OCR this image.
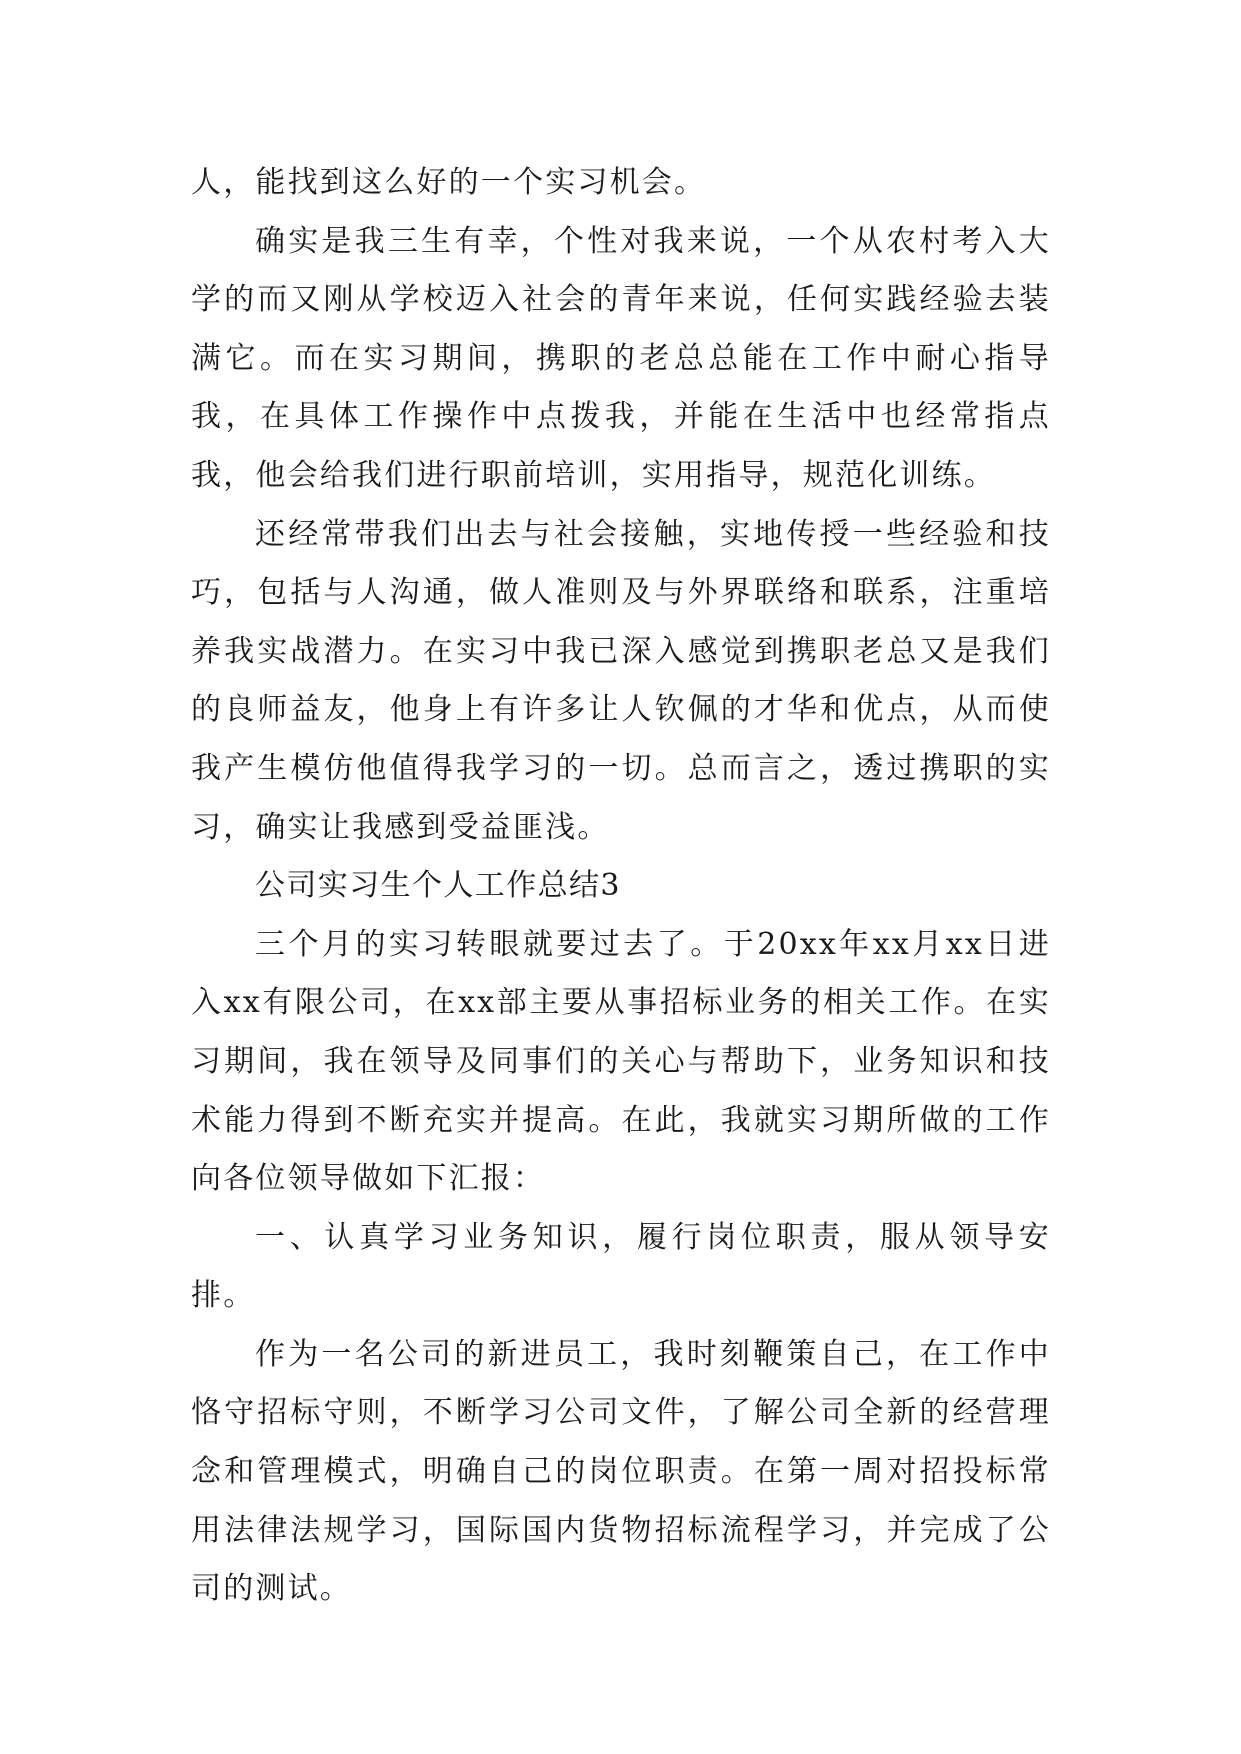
人，能找到这么好的一个实习机会。

确实是我三生有幸，个性对我来说，一个从农村考入大学的而又刚从学校迈入社会的青年来说，任何实践经验去装满它。而在实习期间，携职的老总总能在工作中耐心指导我，在具体工作操作中点拨我，并能在生活中也经常指点我，他会给我们进行职前培训，实用指导，规范化训练。

还经常带我们出去与社会接触，实地传授一些经验和技巧，包括与人沟通，做人准则及与外界联络和联系，注重培养我实战潜力。在实习中我已深入感觉到携职老总又是我们的良师益友，他身上有许多让人钦佩的才华和优点，从而使我产生模仿他值得我学习的一切。总而言之，透过携职的实习，确实让我感到受益匪浅。

公司实习生个人工作总结3

三个月的实习转眼就要过去了。于20xx年xx月xx日进入xx有限公司，在xx部主要从事招标业务的相关工作。在实习期间，我在领导及同事们的关心与帮助下，业务知识和技术能力得到不断充实并提高。在此，我就实习期所做的工作向各位领导做如下汇报：

一、认真学习业务知识，履行岗位职责，服从领导安排。

作为一名公司的新进员工，我时刻鞭策自己，在工作中恪守招标守则，不断学习公司文件，了解公司全新的经营理念和管理模式，明确自己的岗位职责。在第一周对招投标常用法律法规学习，国际国内货物招标流程学习，并完成了公司的测试。
